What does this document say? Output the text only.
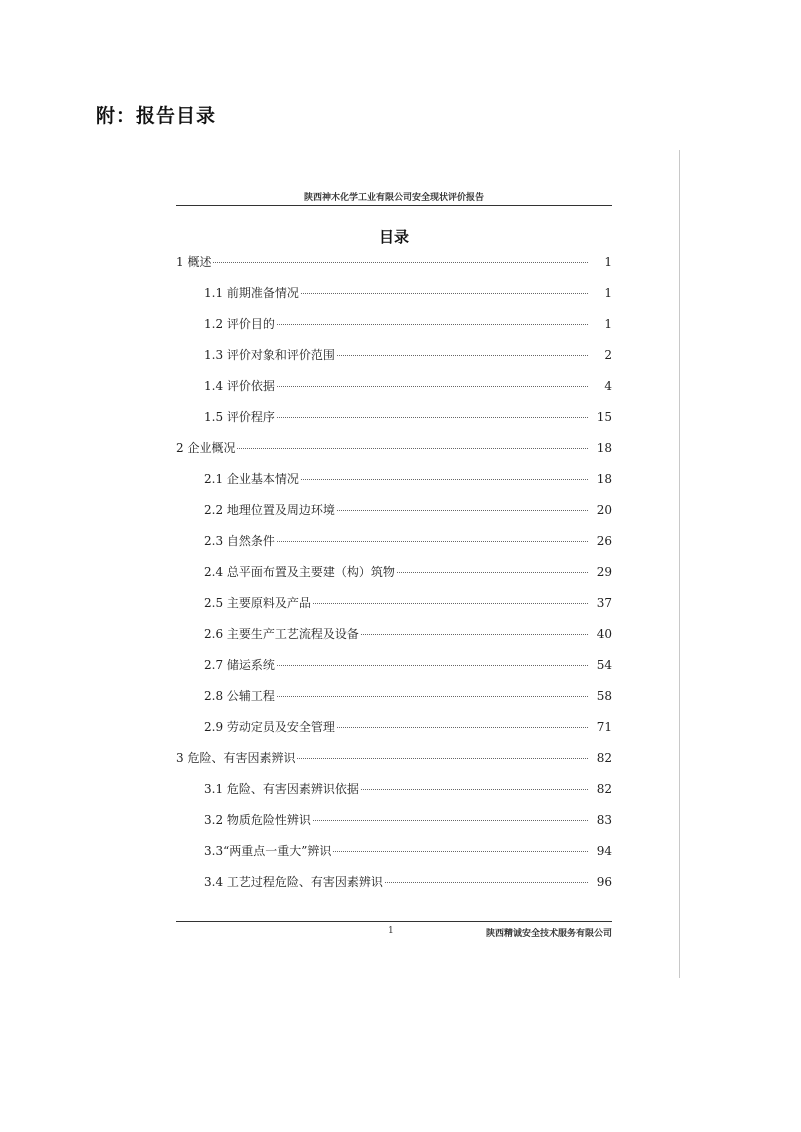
附：报告目录
陕西神木化学工业有限公司安全现状评价报告
目录
1 概述	1
1.1 前期准备情况	1
1.2 评价目的	1
1.3 评价对象和评价范围	2
1.4 评价依据	4
1.5 评价程序	15
2 企业概况	18
2.1 企业基本情况	18
2.2 地理位置及周边环境	20
2.3 自然条件	26
2.4 总平面布置及主要建（构）筑物	29
2.5 主要原料及产品	37
2.6 主要生产工艺流程及设备	40
2.7 储运系统	54
2.8 公辅工程	58
2.9 劳动定员及安全管理	71
3 危险、有害因素辨识	82
3.1 危险、有害因素辨识依据	82
3.2 物质危险性辨识	83
3.3“两重点一重大”辨识	94
3.4 工艺过程危险、有害因素辨识	96
1	陕西精诚安全技术服务有限公司
